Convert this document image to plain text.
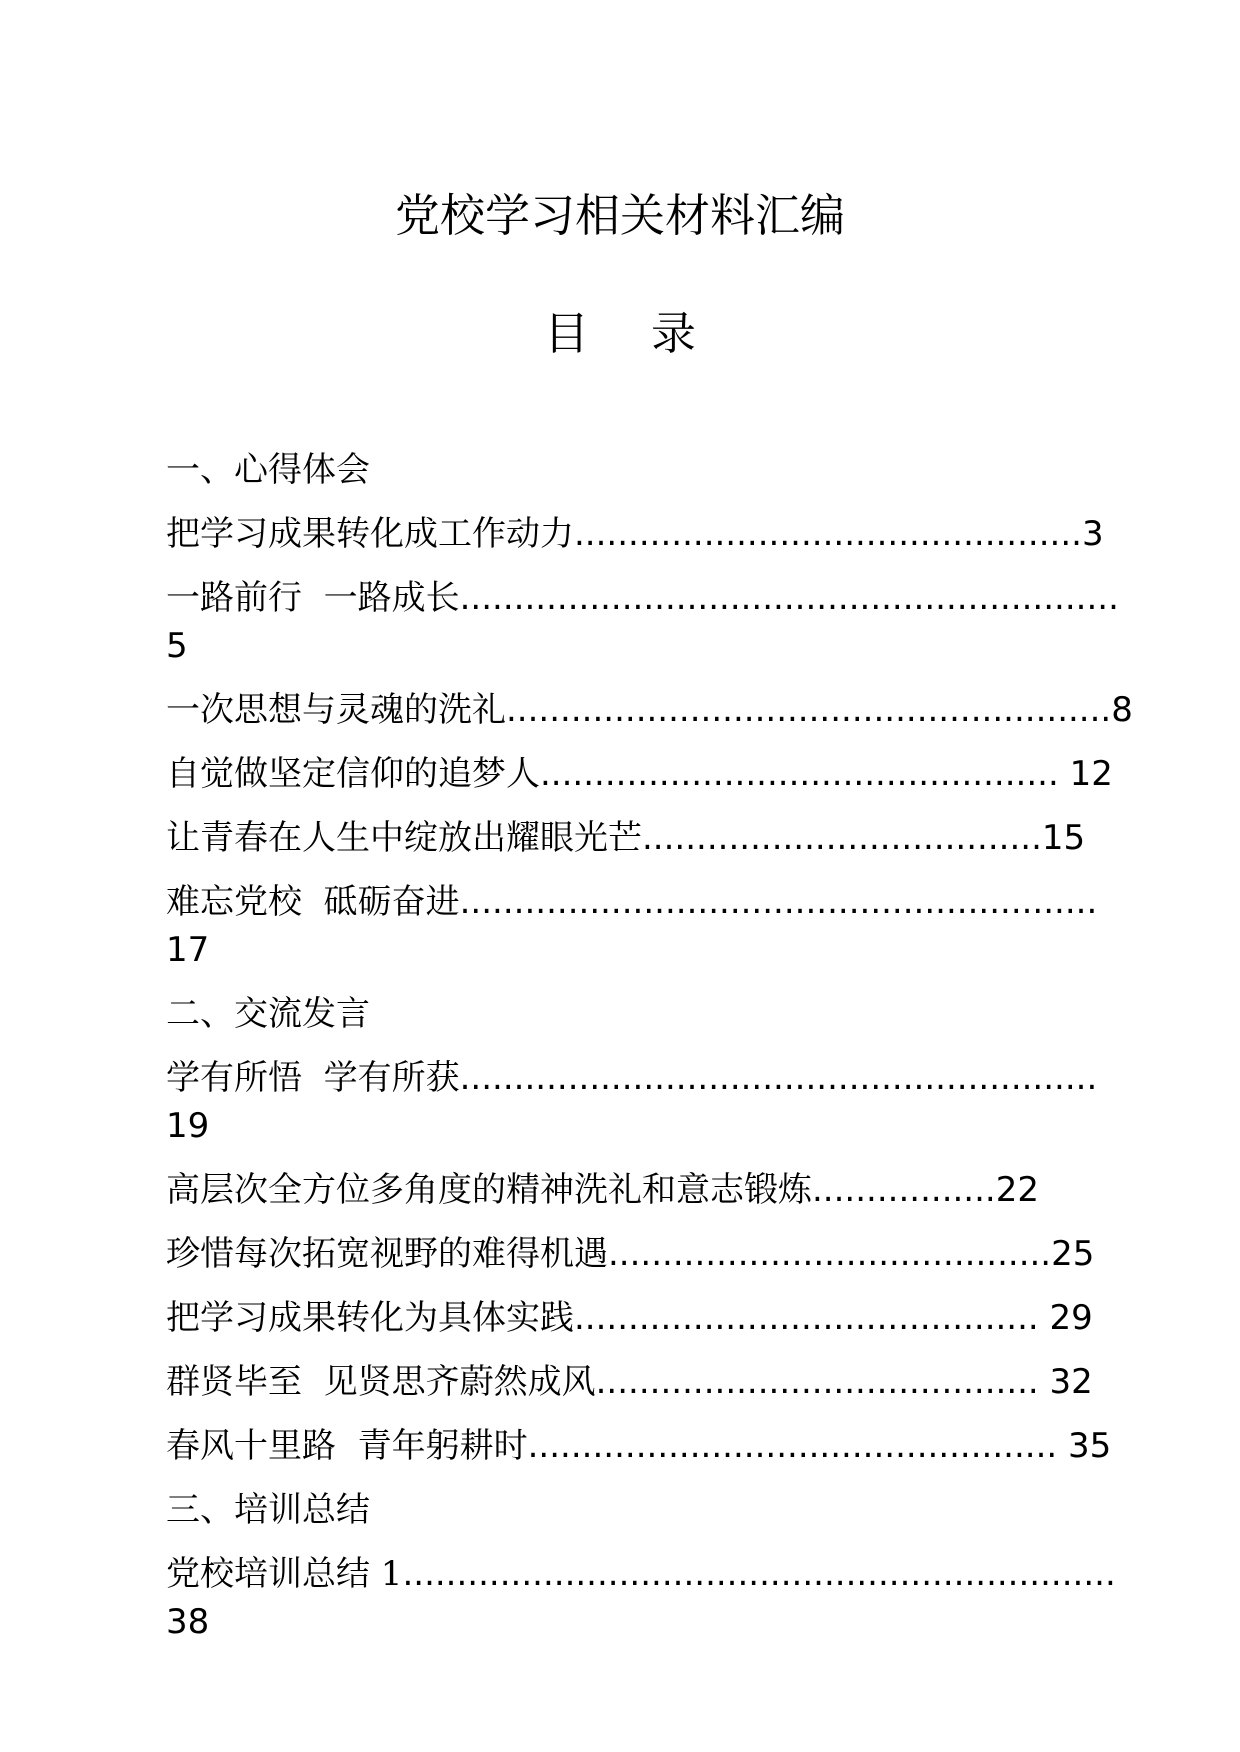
党校学习相关材料汇编
目 录
一、心得体会
把学习成果转化成工作动力...............................................3
一路前行  一路成长.............................................................
5
一次思想与灵魂的洗礼........................................................8
自觉做坚定信仰的追梦人................................................ 12
让青春在人生中绽放出耀眼光芒.....................................15
难忘党校  砥砺奋进...........................................................
17
二、交流发言
学有所悟  学有所获...........................................................
19
高层次全方位多角度的精神洗礼和意志锻炼.................22
珍惜每次拓宽视野的难得机遇.........................................25
把学习成果转化为具体实践........................................... 29
群贤毕至  见贤思齐蔚然成风......................................... 32
春风十里路  青年躬耕时................................................. 35
三、培训总结
党校培训总结 1..................................................................
38
